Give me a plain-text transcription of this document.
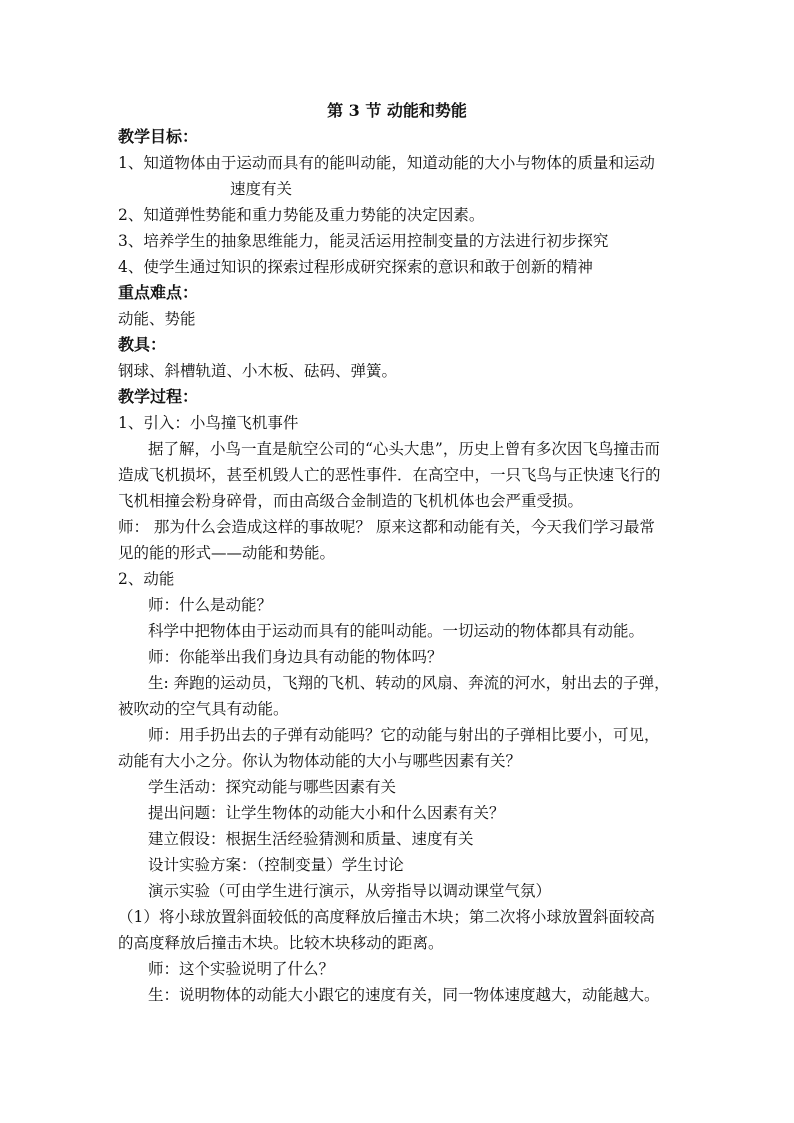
第 3 节 动能和势能
教学目标：
1、知道物体由于运动而具有的能叫动能，知道动能的大小与物体的质量和运动
速度有关
2、知道弹性势能和重力势能及重力势能的决定因素。
3、培养学生的抽象思维能力，能灵活运用控制变量的方法进行初步探究
4、使学生通过知识的探索过程形成研究探索的意识和敢于创新的精神
重点难点：
动能、势能
教具：
钢球、斜槽轨道、小木板、砝码、弹簧。
教学过程：
1、引入：小鸟撞飞机事件
据了解，小鸟一直是航空公司的“心头大患”，历史上曾有多次因飞鸟撞击而
造成飞机损坏，甚至机毁人亡的恶性事件．在高空中，一只飞鸟与正快速飞行的
飞机相撞会粉身碎骨，而由高级合金制造的飞机机体也会严重受损。
师： 那为什么会造成这样的事故呢？ 原来这都和动能有关，今天我们学习最常
见的能的形式——动能和势能。
2、动能
师：什么是动能？
科学中把物体由于运动而具有的能叫动能。一切运动的物体都具有动能。
师：你能举出我们身边具有动能的物体吗？
生: 奔跑的运动员，飞翔的飞机、转动的风扇、奔流的河水，射出去的子弹，
被吹动的空气具有动能。
师：用手扔出去的子弹有动能吗？它的动能与射出的子弹相比要小，可见，
动能有大小之分。你认为物体动能的大小与哪些因素有关？
学生活动：探究动能与哪些因素有关
提出问题：让学生物体的动能大小和什么因素有关？
建立假设：根据生活经验猜测和质量、速度有关
设计实验方案：（控制变量）学生讨论
演示实验（可由学生进行演示，从旁指导以调动课堂气氛）
（1）将小球放置斜面较低的高度释放后撞击木块；第二次将小球放置斜面较高
的高度释放后撞击木块。比较木块移动的距离。
师：这个实验说明了什么？
生：说明物体的动能大小跟它的速度有关，同一物体速度越大，动能越大。
